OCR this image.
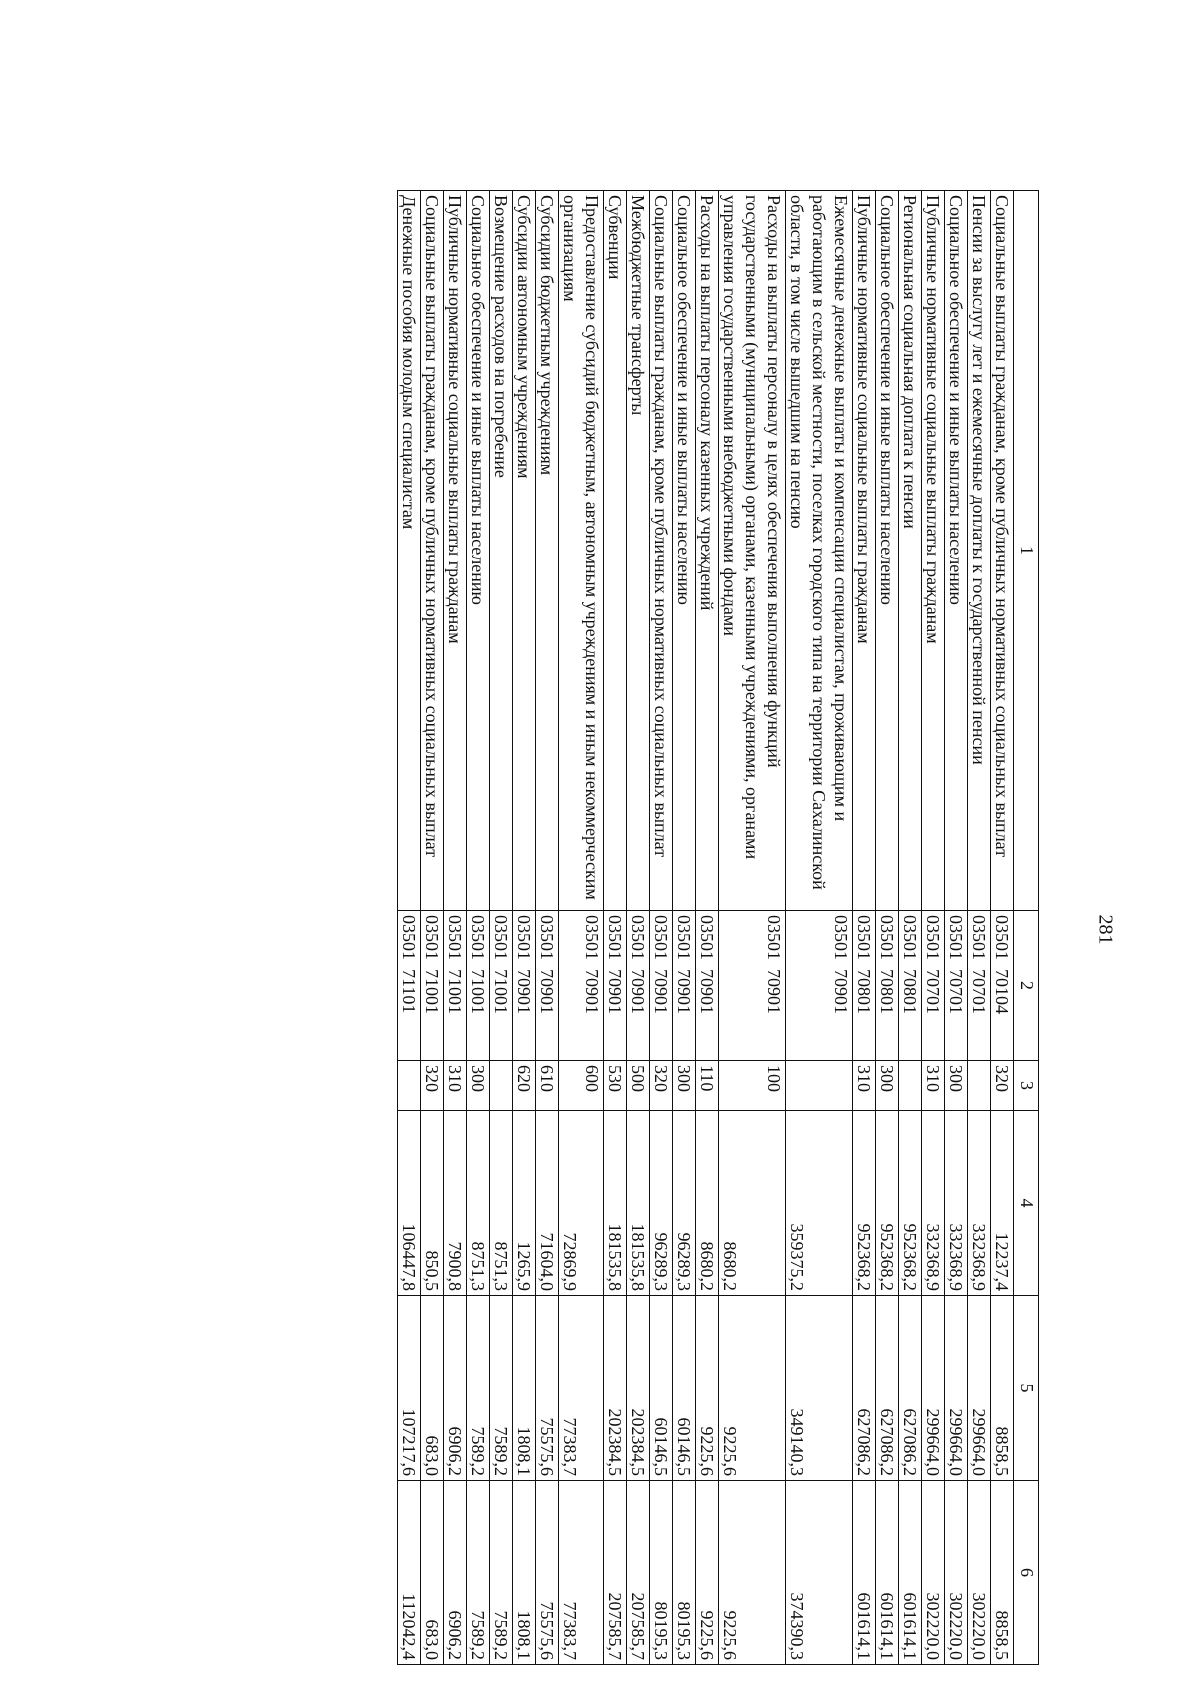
281
1	2	3	4	5	6
Социальные выплаты гражданам, кроме публичных нормативных социальных выплат	03501  70104	320	12237,4	8858,5	8858,5
Пенсии за выслугу лет и ежемесячные доплаты к государственной пенсии	03501  70701		332368,9	299664,0	302220,0
Социальное обеспечение и иные выплаты населению	03501  70701	300	332368,9	299664,0	302220,0
Публичные нормативные социальные выплаты гражданам	03501  70701	310	332368,9	299664,0	302220,0
Региональная социальная доплата к пенсии	03501  70801		952368,2	627086,2	601614,1
Социальное обеспечение и иные выплаты населению	03501  70801	300	952368,2	627086,2	601614,1
Публичные нормативные социальные выплаты гражданам	03501  70801	310	952368,2	627086,2	601614,1
Ежемесячные денежные выплаты и компенсации специалистам, проживающим и работающим в сельской местности, поселках городского типа на территории Сахалинской области, в том числе вышедшим на пенсию	03501  70901		359375,2	349140,3	374390,3
Расходы на выплаты персоналу в целях обеспечения выполнения функций государственными (муниципальными) органами, казенными учреждениями, органами управления государственными внебюджетными фондами	03501  70901	100	8680,2	9225,6	9225,6
Расходы на выплаты персоналу казенных учреждений	03501  70901	110	8680,2	9225,6	9225,6
Социальное обеспечение и иные выплаты населению	03501  70901	300	96289,3	60146,5	80195,3
Социальные выплаты гражданам, кроме публичных нормативных социальных выплат	03501  70901	320	96289,3	60146,5	80195,3
Межбюджетные трансферты	03501  70901	500	181535,8	202384,5	207585,7
Субвенции	03501  70901	530	181535,8	202384,5	207585,7
Предоставление субсидий бюджетным, автономным учреждениям и иным некоммерческим организациям	03501  70901	600	72869,9	77383,7	77383,7
Субсидии бюджетным учреждениям	03501  70901	610	71604,0	75575,6	75575,6
Субсидии автономным учреждениям	03501  70901	620	1265,9	1808,1	1808,1
Возмещение расходов на погребение	03501  71001		8751,3	7589,2	7589,2
Социальное обеспечение и иные выплаты населению	03501  71001	300	8751,3	7589,2	7589,2
Публичные нормативные социальные выплаты гражданам	03501  71001	310	7900,8	6906,2	6906,2
Социальные выплаты гражданам, кроме публичных нормативных социальных выплат	03501  71001	320	850,5	683,0	683,0
Денежные пособия молодым специалистам	03501  71101		106447,8	107217,6	112042,4
